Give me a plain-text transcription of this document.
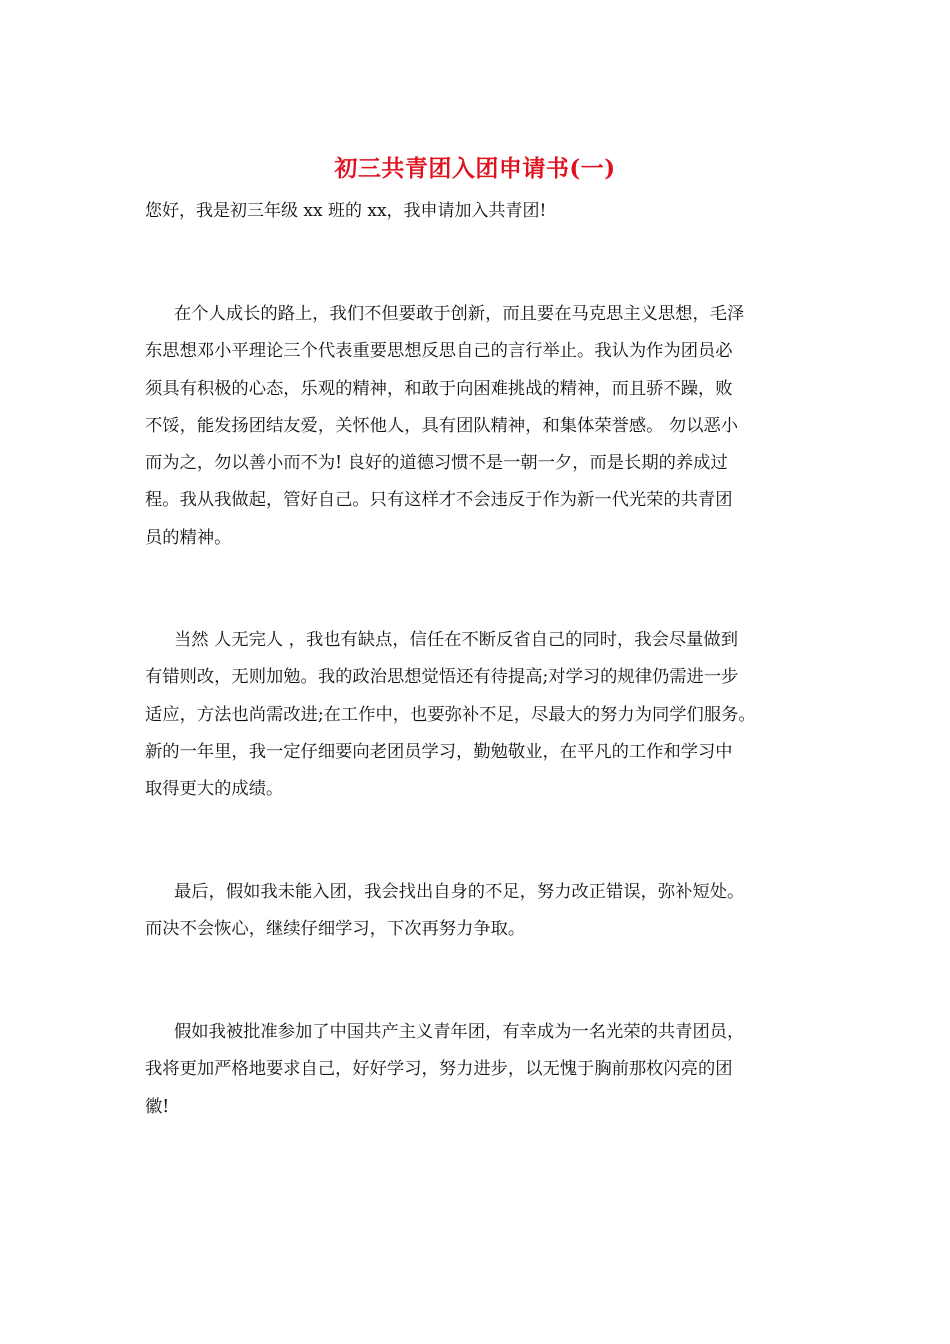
初三共青团入团申请书(一)

您好，我是初三年级 xx 班的 xx，我申请加入共青团!

在个人成长的路上，我们不但要敢于创新，而且要在马克思主义思想，毛泽
东思想邓小平理论三个代表重要思想反思自己的言行举止。我认为作为团员必
须具有积极的心态，乐观的精神，和敢于向困难挑战的精神，而且骄不躁，败
不馁，能发扬团结友爱，关怀他人，具有团队精神，和集体荣誉感。 勿以恶小
而为之，勿以善小而不为! 良好的道德习惯不是一朝一夕，而是长期的养成过
程。我从我做起，管好自己。只有这样才不会违反于作为新一代光荣的共青团
员的精神。
当然 人无完人 ，我也有缺点，信任在不断反省自己的同时，我会尽量做到
有错则改，无则加勉。我的政治思想觉悟还有待提高;对学习的规律仍需进一步
适应，方法也尚需改进;在工作中，也要弥补不足，尽最大的努力为同学们服务。
新的一年里，我一定仔细要向老团员学习，勤勉敬业，在平凡的工作和学习中
取得更大的成绩。
最后，假如我未能入团，我会找出自身的不足，努力改正错误，弥补短处。
而决不会恢心，继续仔细学习，下次再努力争取。
假如我被批准参加了中国共产主义青年团，有幸成为一名光荣的共青团员，
我将更加严格地要求自己，好好学习，努力进步，以无愧于胸前那枚闪亮的团
徽!
